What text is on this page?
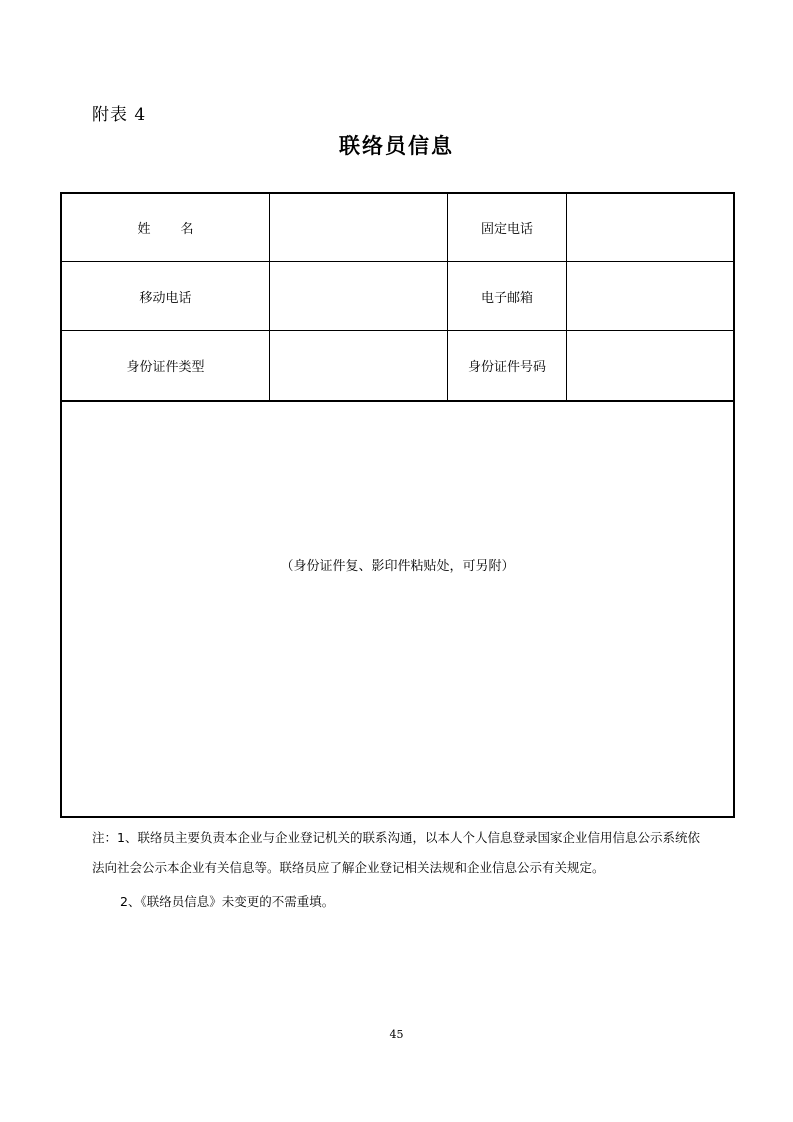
附表 4
联络员信息
姓 名	固定电话
移动电话	电子邮箱
身份证件类型	身份证件号码
（身份证件复、影印件粘贴处，可另附）

注：1、联络员主要负责本企业与企业登记机关的联系沟通，以本人个人信息登录国家企业信用信息公示系统依法向社会公示本企业有关信息等。联络员应了解企业登记相关法规和企业信息公示有关规定。

2、《联络员信息》未变更的不需重填。

45
